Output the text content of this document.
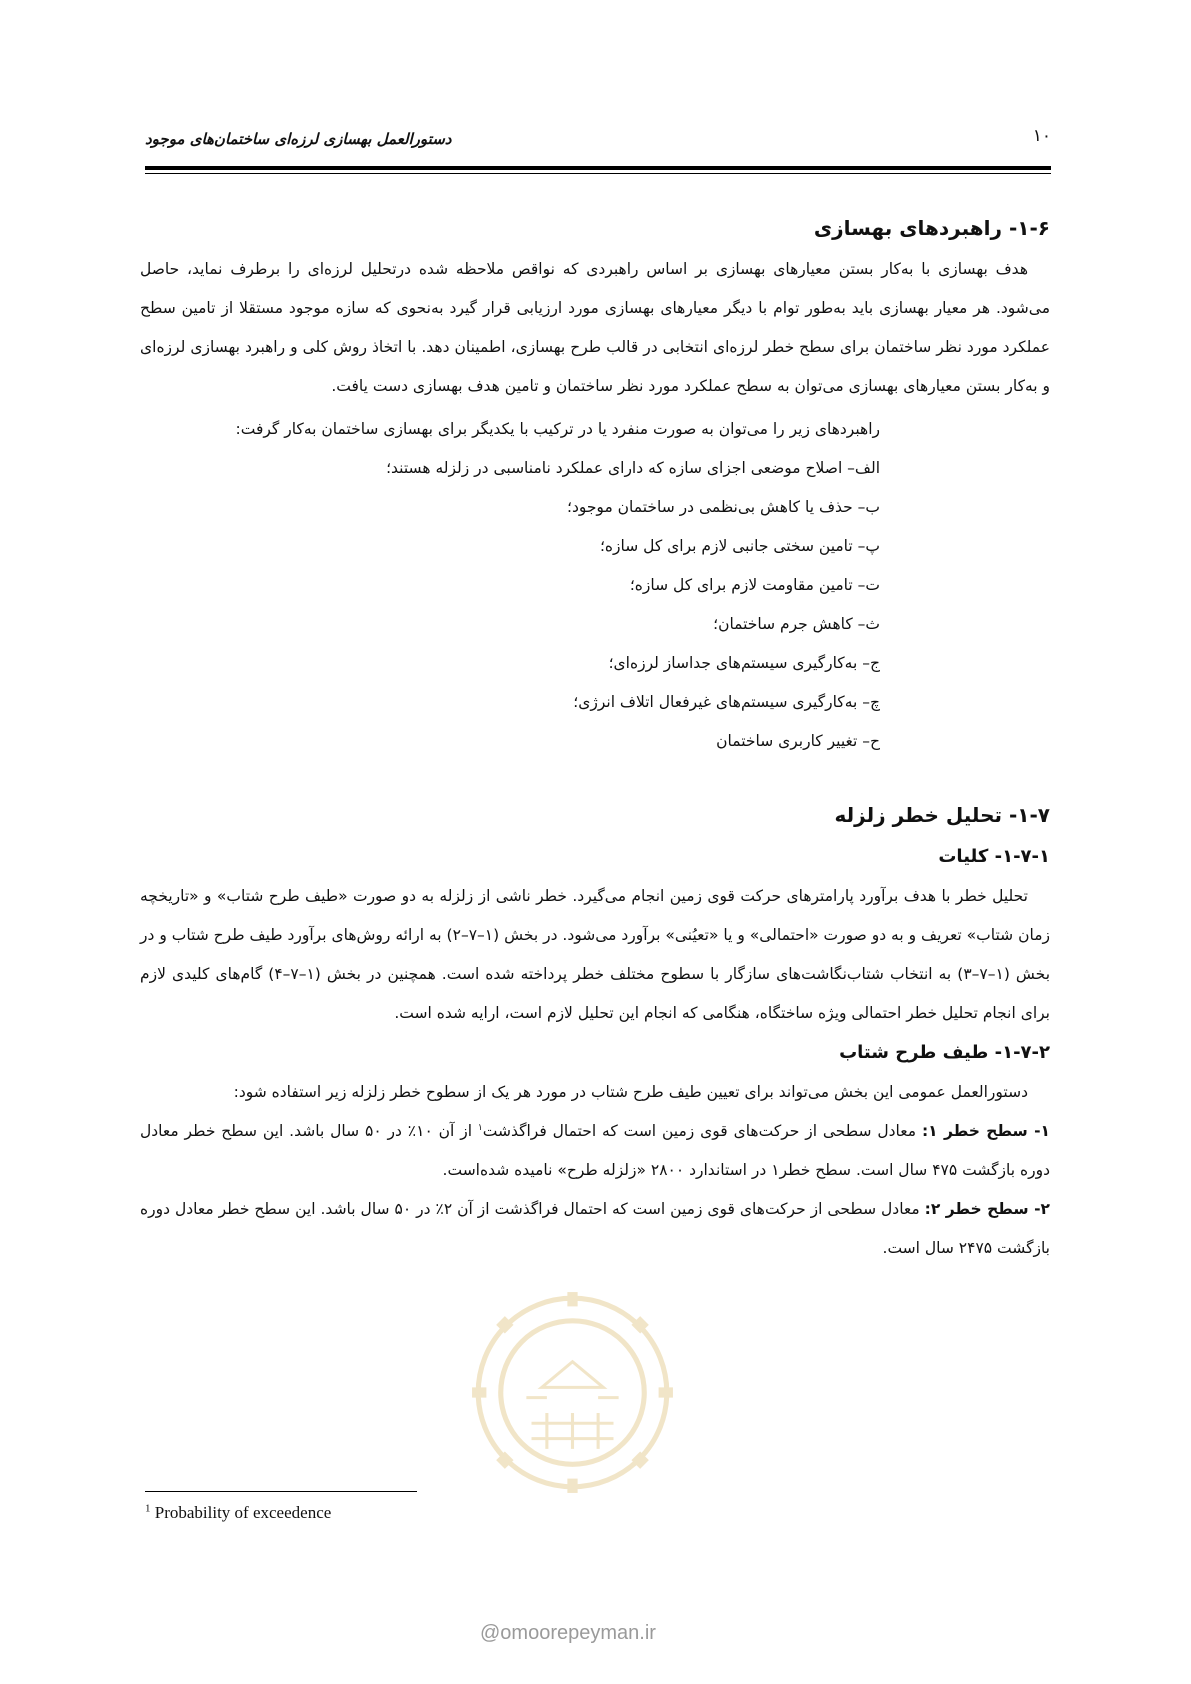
دستورالعمل بهسازی لرزه‌ای ساختمان‌های موجود	۱۰
۱-۶- راهبردهای بهسازی

هدف بهسازی با به‌کار بستن معیارهای بهسازی بر اساس راهبردی که نواقص ملاحظه شده درتحلیل لرزه‌ای را برطرف نماید، حاصل می‌شود. هر معیار بهسازی باید به‌طور توام با دیگر معیارهای بهسازی مورد ارزیابی قرار گیرد به‌نحوی که سازه موجود مستقلا از تامین سطح عملکرد مورد نظر ساختمان برای سطح خطر لرزه‌ای انتخابی در قالب طرح بهسازی، اطمینان دهد. با اتخاذ روش کلی و راهبرد بهسازی لرزه‌ای و به‌کار بستن معیارهای بهسازی می‌توان به سطح عملکرد مورد نظر ساختمان و تامین هدف بهسازی دست یافت.

راهبردهای زیر را می‌توان به صورت منفرد یا در ترکیب با یکدیگر برای بهسازی ساختمان به‌کار گرفت:
الف– اصلاح موضعی اجزای سازه که دارای عملکرد نامناسبی در زلزله هستند؛
ب– حذف یا کاهش بی‌نظمی در ساختمان موجود؛
پ– تامین سختی جانبی لازم برای کل سازه؛
ت– تامین مقاومت لازم برای کل سازه؛
ث– کاهش جرم ساختمان؛
ج– به‌کارگیری سیستم‌های جداساز لرزه‌ای؛
چ– به‌کارگیری سیستم‌های غیرفعال اتلاف انرژی؛
ح– تغییر کاربری ساختمان
۱-۷- تحلیل خطر زلزله
۱-۷-۱- کلیات

تحلیل خطر با هدف برآورد پارامترهای حرکت قوی زمین انجام می‌گیرد. خطر ناشی از زلزله به دو صورت «طیف طرح شتاب» و «تاریخچه زمان شتاب» تعریف و به دو صورت «احتمالی» و یا «تعیُنی» برآورد می‌شود. در بخش (۱–۷–۲) به ارائه روش‌های برآورد طیف طرح شتاب و در بخش (۱–۷–۳) به انتخاب شتاب‌نگاشت‌های سازگار با سطوح مختلف خطر پرداخته شده است. همچنین در بخش (۱–۷–۴) گام‌های کلیدی لازم برای انجام تحلیل خطر احتمالی ویژه ساختگاه، هنگامی که انجام این تحلیل لازم است، ارایه شده است.

۱-۷-۲- طیف طرح شتاب

دستورالعمل عمومی این بخش می‌تواند برای تعیین طیف طرح شتاب در مورد هر یک از سطوح خطر زلزله زیر استفاده شود:

۱- سطح خطر ۱: معادل سطحی از حرکت‌های قوی زمین است که احتمال فراگذشت$^۱$ از آن ۱۰٪ در ۵۰ سال باشد. این سطح خطر معادل دوره بازگشت ۴۷۵ سال است. سطح خطر۱ در استاندارد ۲۸۰۰ «زلزله طرح» نامیده شده‌است.

۲- سطح خطر ۲: معادل سطحی از حرکت‌های قوی زمین است که احتمال فراگذشت از آن ۲٪ در ۵۰ سال باشد. این سطح خطر معادل دوره بازگشت ۲۴۷۵ سال است.

$^1$ Probability of exceedence
@omoorepeyman.ir
